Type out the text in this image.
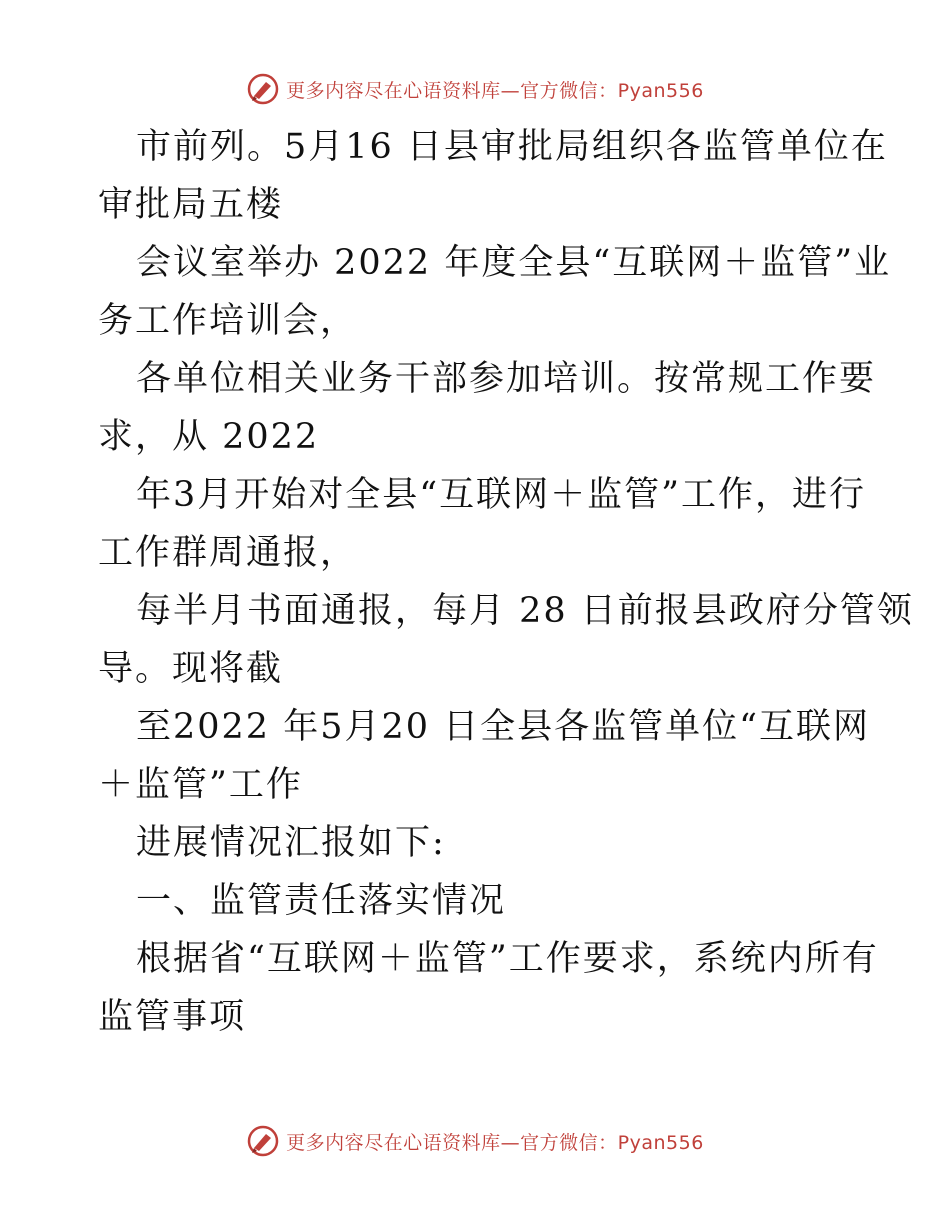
更多内容尽在心语资料库—官方微信：Pyan556
市前列。5月16 日县审批局组织各监管单位在
审批局五楼
会议室举办 2022 年度全县“互联网＋监管”业
务工作培训会，
各单位相关业务干部参加培训。按常规工作要
求，从 2022
年3月开始对全县“互联网＋监管”工作，进行
工作群周通报，
每半月书面通报，每月 28 日前报县政府分管领
导。现将截
至2022 年5月20 日全县各监管单位“互联网
＋监管”工作
进展情况汇报如下:
一、监管责任落实情况
根据省“互联网＋监管”工作要求，系统内所有
监管事项
更多内容尽在心语资料库—官方微信：Pyan556
